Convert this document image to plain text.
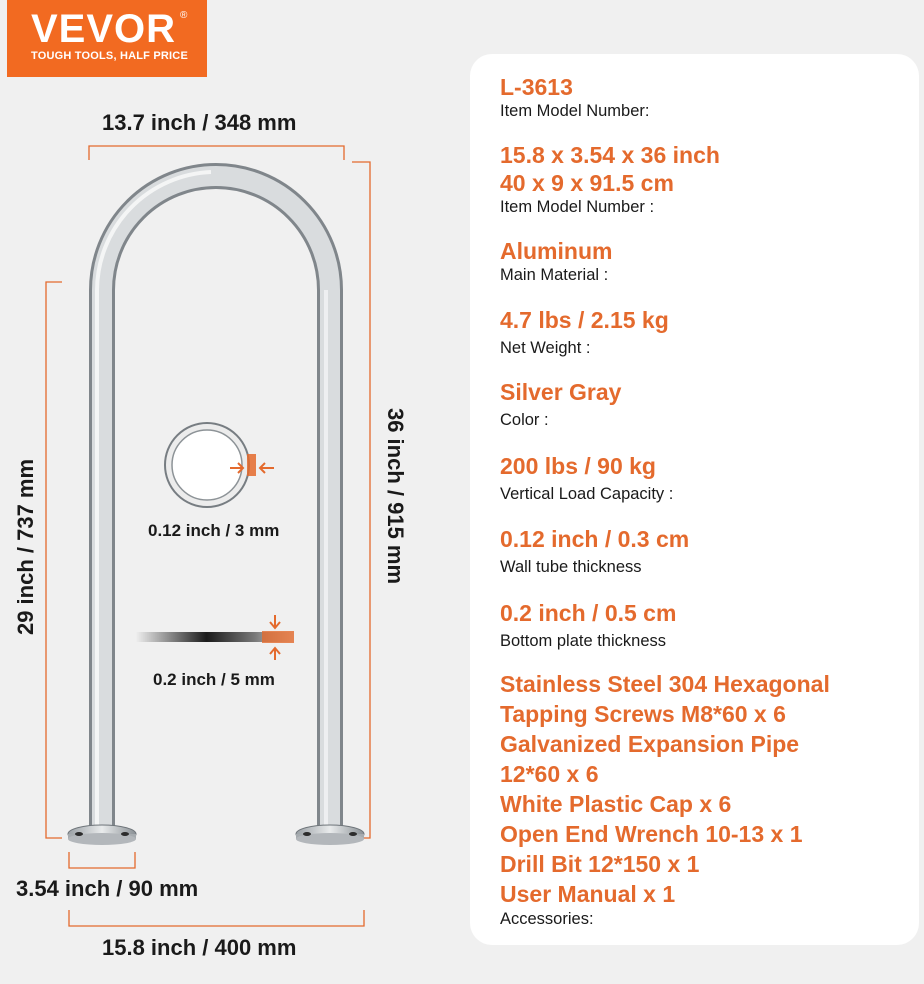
VEVOR ®
TOUGH TOOLS, HALF PRICE
13.7 inch / 348 mm
36 inch / 915 mm
29 inch / 737 mm	0.12 inch / 3 mm
0.2 inch / 5 mm
3.54 inch / 90 mm
15.8 inch / 400 mm
L-3613
Item Model Number:
15.8 x 3.54 x 36 inch
40 x 9 x 91.5 cm
Item Model Number :
Aluminum
Main Material :
4.7 lbs / 2.15 kg
Net Weight :
Silver Gray
Color :
200 lbs / 90 kg
Vertical Load Capacity :
0.12 inch / 0.3 cm
Wall tube thickness
0.2 inch / 0.5 cm
Bottom plate thickness
Stainless Steel 304 Hexagonal
Tapping Screws M8*60 x 6
Galvanized Expansion Pipe
12*60 x 6
White Plastic Cap x 6
Open End Wrench 10-13 x 1
Drill Bit 12*150 x 1
User Manual x 1
Accessories:
